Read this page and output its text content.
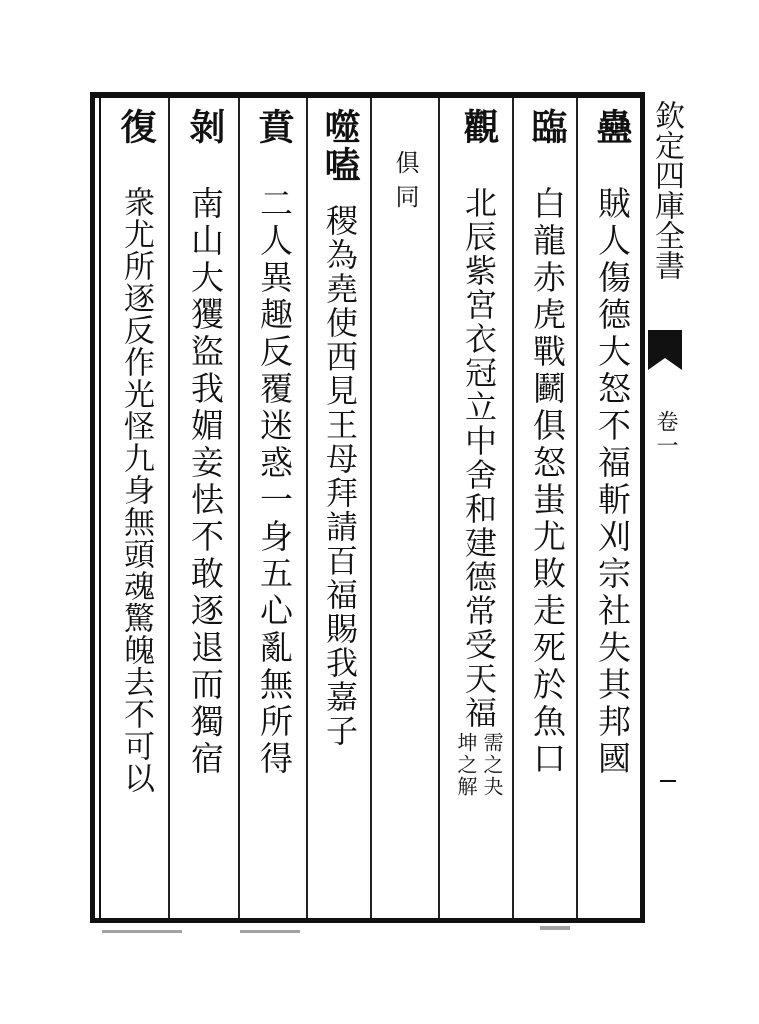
蠱
賊人傷德大怒不福斬刈宗社失其邦國
臨
白龍赤虎戰鬬俱怒蚩尤敗走死於魚口
觀
北辰紫宮衣冠立中舍和建德常受天福
坤之解 需之夬
俱同
噬嗑
稷為堯使西見王母拜請百福賜我嘉子
賁
二人異趣反覆迷惑一身五心亂無所得
剝
南山大玃盜我媚妾怯不敢逐退而獨宿
復
衆尤所逐反作光怪九身無頭魂驚魄去不可以	欽定四庫全書
卷一
